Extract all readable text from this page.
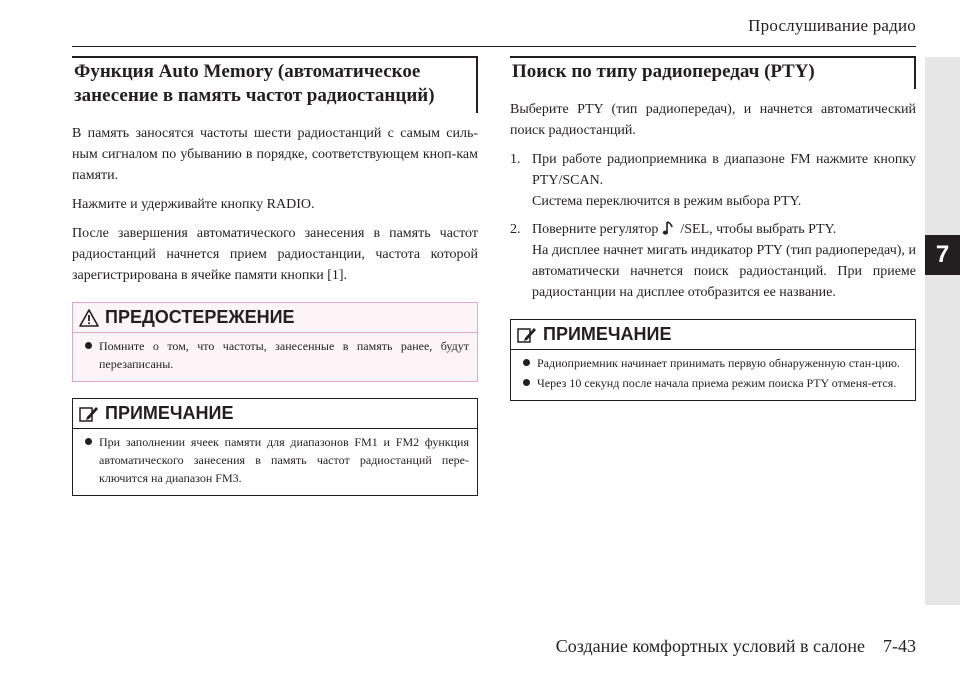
Прослушивание радио
7
Функция Auto Memory (автоматическое
занесение в память частот радиостанций)

В память заносятся частоты шести радиостанций с самым силь-ным сигналом по убыванию в порядке, соответствующем кноп-кам памяти.

Нажмите и удерживайте кнопку RADIO.

После завершения автоматического занесения в память частот радиостанций начнется прием радиостанции, частота которой зарегистрирована в ячейке памяти кнопки [1].

ПРЕДОСТЕРЕЖЕНИЕ
Помните о том, что частоты, занесенные в память ранее, будут перезаписаны.
ПРИМЕЧАНИЕ
При заполнении ячеек памяти для диапазонов FM1 и FM2 функция автоматического занесения в память частот радиостанций пере-ключится на диапазон FM3.
Поиск по типу радиопередач (PTY)

Выберите PTY (тип радиопередач), и начнется автоматический поиск радиостанций.

1. При работе радиоприемника в диапазоне FM нажмите кнопку PTY/SCAN.
Система переключится в режим выбора PTY.
2. Поверните регулятор /SEL, чтобы выбрать PTY.
На дисплее начнет мигать индикатор PTY (тип радиопередач), и автоматически начнется поиск радиостанций. При приеме радиостанции на дисплее отобразится ее название.
ПРИМЕЧАНИЕ
Радиоприемник начинает принимать первую обнаруженную стан-цию.
Через 10 секунд после начала приема режим поиска PTY отменя-ется.
Создание комфортных условий в салоне 7-43
